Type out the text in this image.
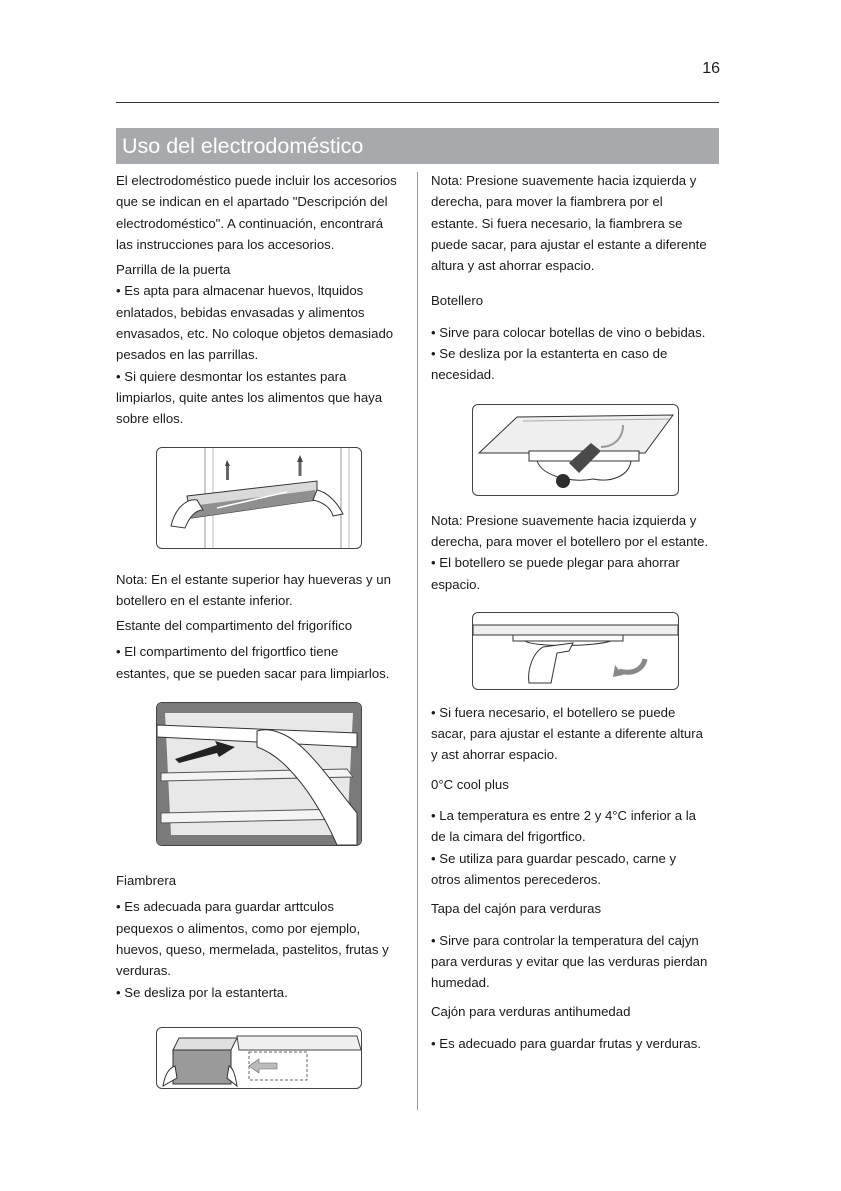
16
Uso del electrodoméstico

El electrodoméstico puede incluir los accesorios

que se indican en el apartado "Descripción del

electrodoméstico". A continuación, encontrará

las instrucciones para los accesorios.

Parrilla de la puerta

• Es apta para almacenar huevos, ltquidos

enlatados, bebidas envasadas y alimentos

envasados, etc. No coloque objetos demasiado

pesados en las parrillas.

• Si quiere desmontar los estantes para

limpiarlos, quite antes los alimentos que haya

sobre ellos.

Nota: En el estante superior hay hueveras y un

botellero en el estante inferior.

Estante del compartimento del frigorífico

• El compartimento del frigortfico tiene

estantes, que se pueden sacar para limpiarlos.

Fiambrera

• Es adecuada para guardar arttculos

pequexos o alimentos, como por ejemplo,

huevos, queso, mermelada, pastelitos, frutas y

verduras.

• Se desliza por la estanterta.

Nota: Presione suavemente hacia izquierda y

derecha, para mover la fiambrera por el

estante. Si fuera necesario, la fiambrera se

puede sacar, para ajustar el estante a diferente

altura y ast ahorrar espacio.

Botellero

• Sirve para colocar botellas de vino o bebidas.

• Se desliza por la estanterta en caso de

necesidad.

Nota: Presione suavemente hacia izquierda y

derecha, para mover el botellero por el estante.

• El botellero se puede plegar para ahorrar

espacio.

• Si fuera necesario, el botellero se puede

sacar, para ajustar el estante a diferente altura

y ast ahorrar espacio.

0°C cool plus

• La temperatura es entre 2 y 4°C inferior a la

de la cimara del frigortfico.

• Se utiliza para guardar pescado, carne y

otros alimentos perecederos.

Tapa del cajón para verduras

• Sirve para controlar la temperatura del cajyn

para verduras y evitar que las verduras pierdan

humedad.

Cajón para verduras antihumedad

• Es adecuado para guardar frutas y verduras.
